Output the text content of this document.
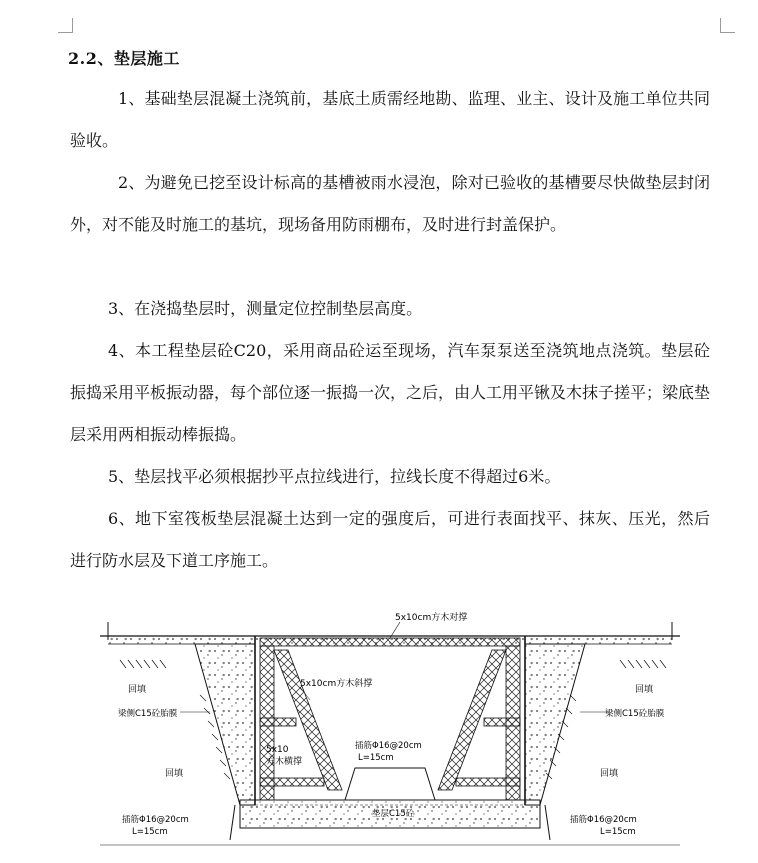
2.2、垫层施工

1、基础垫层混凝土浇筑前，基底土质需经地勘、监理、业主、设计及施工单位共同验收。

2、为避免已挖至设计标高的基槽被雨水浸泡，除对已验收的基槽要尽快做垫层封闭外，对不能及时施工的基坑，现场备用防雨棚布，及时进行封盖保护。

3、在浇捣垫层时，测量定位控制垫层高度。

4、本工程垫层砼C20，采用商品砼运至现场，汽车泵泵送至浇筑地点浇筑。垫层砼振捣采用平板振动器，每个部位逐一振捣一次，之后，由人工用平锹及木抹子搓平；梁底垫层采用两相振动棒振捣。

5、垫层找平必须根据抄平点拉线进行，拉线长度不得超过6米。

6、地下室筏板垫层混凝土达到一定的强度后，可进行表面找平、抹灰、压光，然后进行防水层及下道工序施工。

5x10cm方木对撑
5x10cm方木斜撑
5x10
方木横撑
回填
回填
回填
回填
梁侧C15砼胎膜	梁侧C15砼胎膜
插筋Φ16@20cm
L=15cm
插筋Φ16@20cm
L=15cm
插筋Φ16@20cm
L=15cm
垫层C15砼
